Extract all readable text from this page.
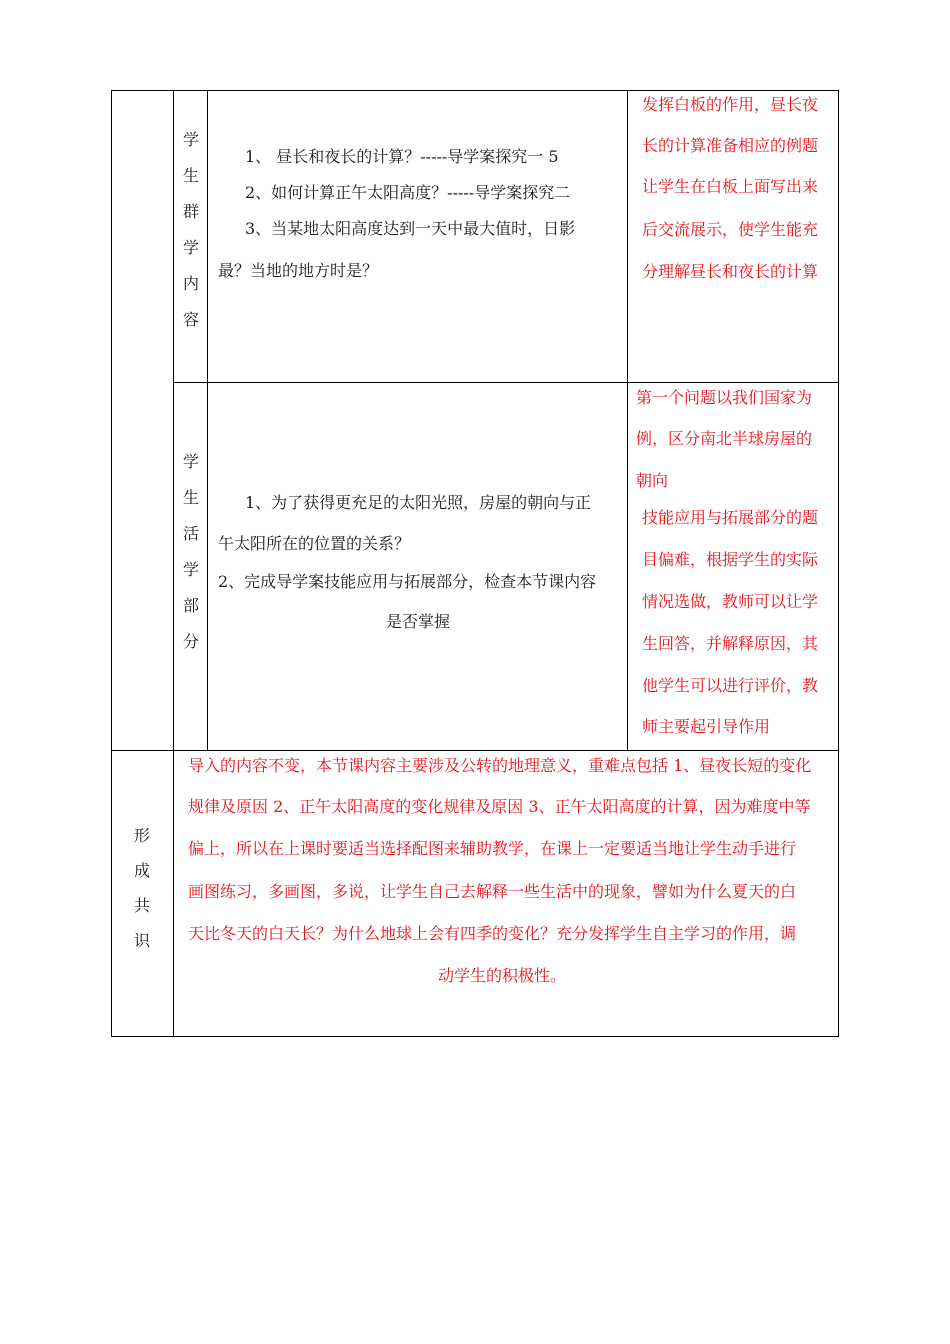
学
生
群
学
内
容
1、 昼长和夜长的计算？-----导学案探究一 5
2、如何计算正午太阳高度？-----导学案探究二
3、当某地太阳高度达到一天中最大值时，日影
最？当地的地方时是？
发挥白板的作用，昼长夜
长的计算准备相应的例题
让学生在白板上面写出来
后交流展示，使学生能充
分理解昼长和夜长的计算
学
生
活
学
部
分
1、为了获得更充足的太阳光照，房屋的朝向与正
午太阳所在的位置的关系？
2、完成导学案技能应用与拓展部分，检查本节课内容
是否掌握
第一个问题以我们国家为
例，区分南北半球房屋的
朝向
技能应用与拓展部分的题
目偏难，根据学生的实际
情况选做，教师可以让学
生回答，并解释原因，其
他学生可以进行评价，教
师主要起引导作用
形
成
共
识
导入的内容不变，本节课内容主要涉及公转的地理意义，重难点包括 1、昼夜长短的变化
规律及原因 2、正午太阳高度的变化规律及原因 3、正午太阳高度的计算，因为难度中等
偏上，所以在上课时要适当选择配图来辅助教学，在课上一定要适当地让学生动手进行
画图练习，多画图，多说，让学生自己去解释一些生活中的现象，譬如为什么夏天的白
天比冬天的白天长？为什么地球上会有四季的变化？充分发挥学生自主学习的作用，调
动学生的积极性。
